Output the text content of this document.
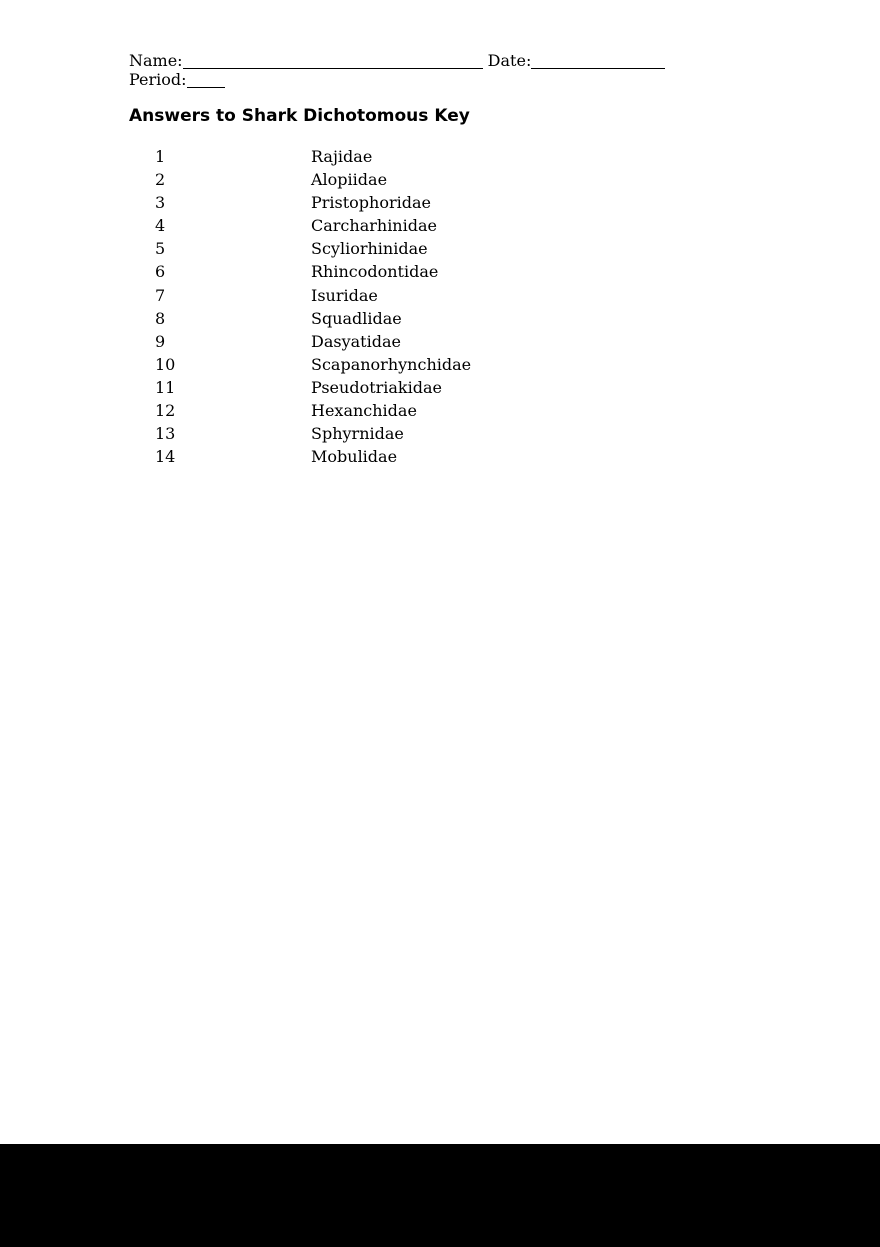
Name:	Date:
Period:
Answers to Shark Dichotomous Key
1	Rajidae
2	Alopiidae
3	Pristophoridae
4	Carcharhinidae
5	Scyliorhinidae
6	Rhincodontidae
7	Isuridae
8	Squadlidae
9	Dasyatidae
10	Scapanorhynchidae
11	Pseudotriakidae
12	Hexanchidae
13	Sphyrnidae
14	Mobulidae
